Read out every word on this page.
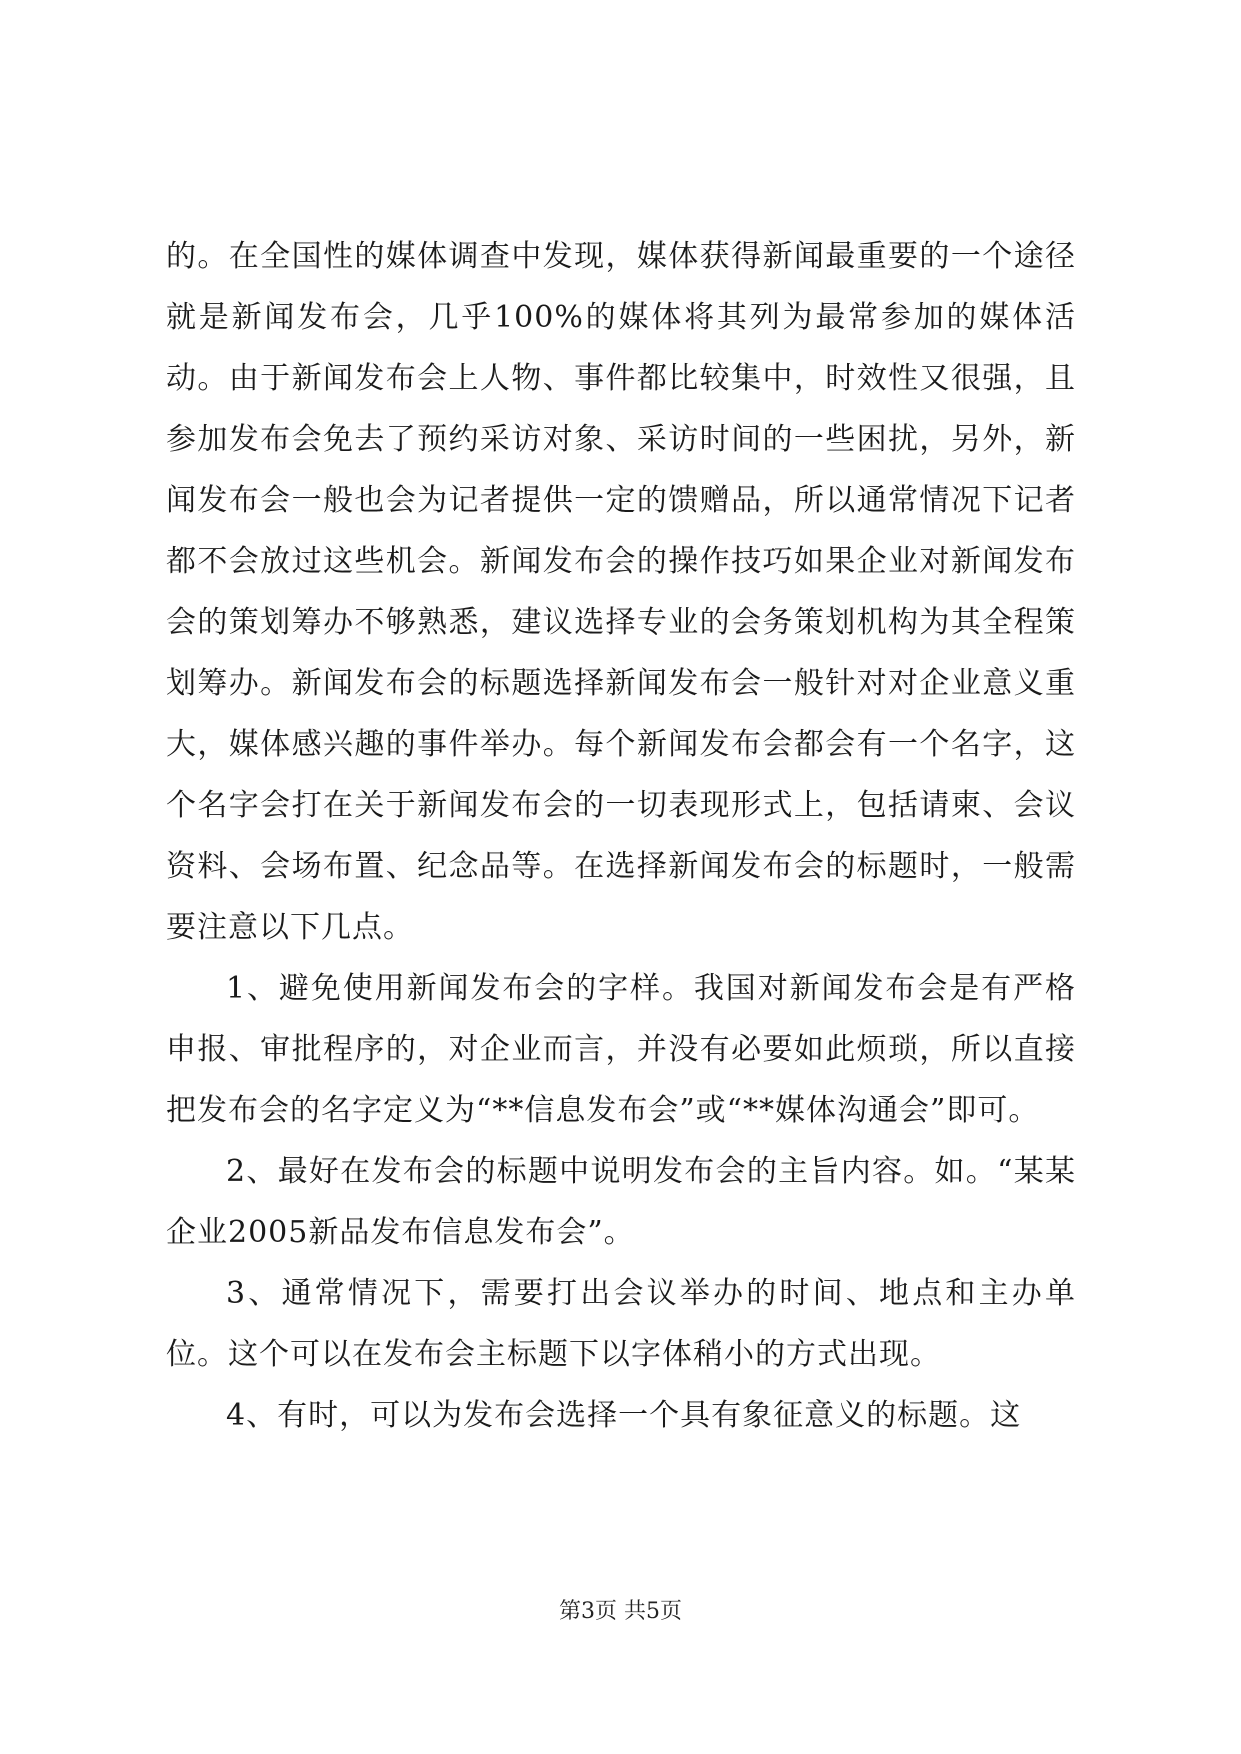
的。在全国性的媒体调查中发现，媒体获得新闻最重要的一个途径就是新闻发布会，几乎100%的媒体将其列为最常参加的媒体活动。由于新闻发布会上人物、事件都比较集中，时效性又很强，且参加发布会免去了预约采访对象、采访时间的一些困扰，另外，新闻发布会一般也会为记者提供一定的馈赠品，所以通常情况下记者都不会放过这些机会。新闻发布会的操作技巧如果企业对新闻发布会的策划筹办不够熟悉，建议选择专业的会务策划机构为其全程策划筹办。新闻发布会的标题选择新闻发布会一般针对对企业意义重大，媒体感兴趣的事件举办。每个新闻发布会都会有一个名字，这个名字会打在关于新闻发布会的一切表现形式上，包括请柬、会议资料、会场布置、纪念品等。在选择新闻发布会的标题时，一般需要注意以下几点。

1、避免使用新闻发布会的字样。我国对新闻发布会是有严格申报、审批程序的，对企业而言，并没有必要如此烦琐，所以直接把发布会的名字定义为“**信息发布会”或“**媒体沟通会”即可。

2、最好在发布会的标题中说明发布会的主旨内容。如。“某某企业2005新品发布信息发布会”。

3、通常情况下，需要打出会议举办的时间、地点和主办单位。这个可以在发布会主标题下以字体稍小的方式出现。

4、有时，可以为发布会选择一个具有象征意义的标题。这

第3页 共5页
